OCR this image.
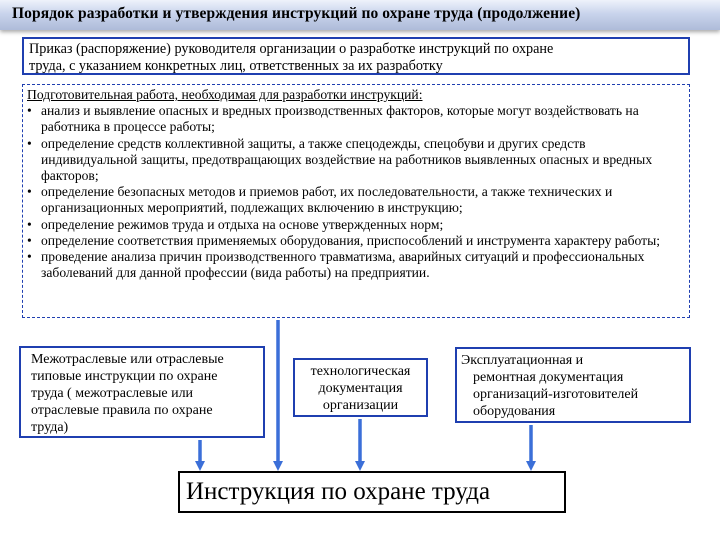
Порядок разработки и утверждения инструкций по охране труда (продолжение)
Приказ (распоряжение) руководителя организации о разработке инструкций по охране
труда, с указанием конкретных лиц, ответственных за их разработку
Подготовительная работа, необходимая для разработки инструкций:
• анализ и выявление опасных и вредных производственных факторов, которые могут воздействовать на работника в процессе работы;
• определение средств коллективной защиты, а также спецодежды, спецобуви и других средств индивидуальной защиты, предотвращающих воздействие на работников выявленных опасных и вредных факторов;
• определение безопасных методов и приемов работ, их последовательности, а также технических и организационных мероприятий, подлежащих включению в инструкцию;
• определение режимов труда и отдыха на основе утвержденных норм;
• определение соответствия применяемых оборудования, приспособлений и инструмента характеру работы;
• проведение анализа причин производственного травматизма, аварийных ситуаций и профессиональных заболеваний для данной профессии (вида работы) на предприятии.
Межотраслевые или отраслевые
типовые инструкции по охране
труда ( межотраслевые или
отраслевые правила по охране
труда)
технологическая
документация
организации
Эксплуатационная и
ремонтная документация
организаций-изготовителей
оборудования
Инструкция по охране труда
